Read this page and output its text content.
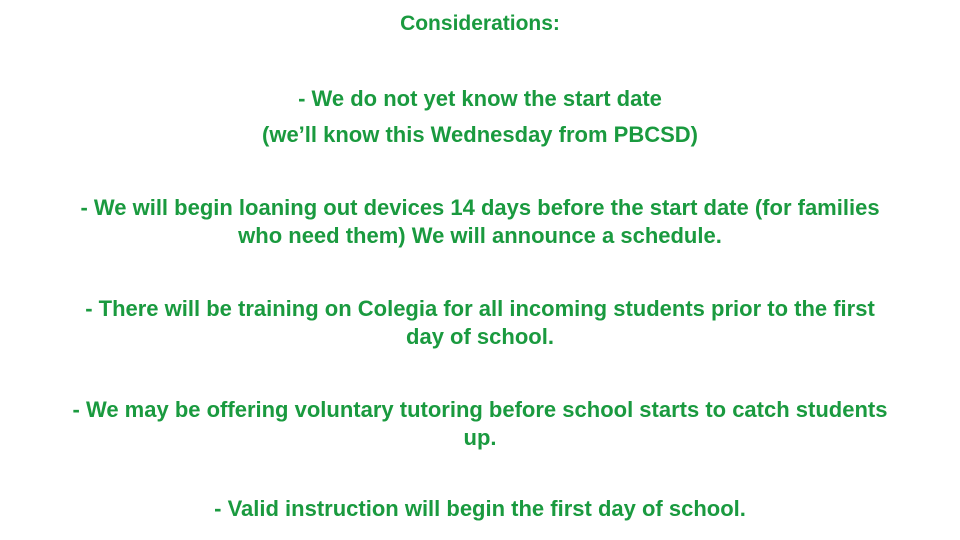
Considerations:
- We do not yet know the start date
(we’ll know this Wednesday from PBCSD)
- We will begin loaning out devices 14 days before the start date (for families
who need them) We will announce a schedule.
- There will be training on Colegia for all incoming students prior to the first
day of school.
- We may be offering voluntary tutoring before school starts to catch students
up.
- Valid instruction will begin the first day of school.
